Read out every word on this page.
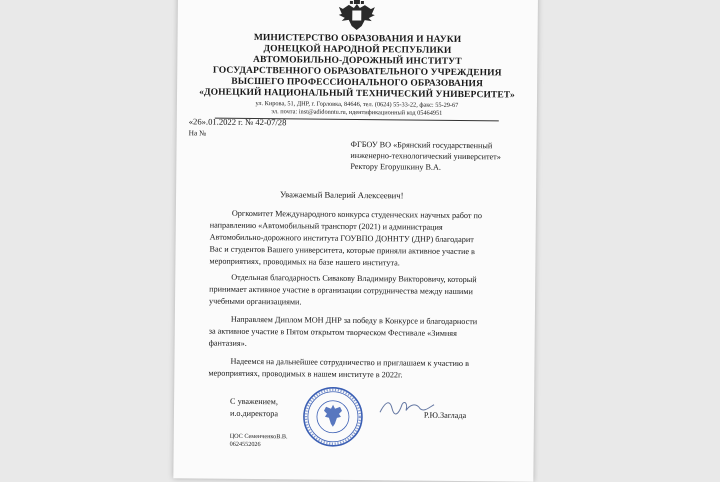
МИНИСТЕРСТВО ОБРАЗОВАНИЯ И НАУКИ
ДОНЕЦКОЙ НАРОДНОЙ РЕСПУБЛИКИ
АВТОМОБИЛЬНО-ДОРОЖНЫЙ ИНСТИТУТ
ГОСУДАРСТВЕННОГО ОБРАЗОВАТЕЛЬНОГО УЧРЕЖДЕНИЯ
ВЫСШЕГО ПРОФЕССИОНАЛЬНОГО ОБРАЗОВАНИЯ
«ДОНЕЦКИЙ НАЦИОНАЛЬНЫЙ ТЕХНИЧЕСКИЙ УНИВЕРСИТЕТ»
ул. Кирова, 51, ДНР, г. Горловка, 84646, тел. (0624) 55-33-22, факс: 55-29-67
эл. почта: inst@adidonntu.ru, идентификационный код 05464951
«26».01.2022 г. № 42-07/28
На №
ФГБОУ ВО «Брянский государственный
инженерно-технологический университет»
Ректору Егорушкину В.А.
Уважаемый Валерий Алексеевич!
Оргкомитет Международного конкурса студенческих научных работ по
направлению «Автомобильный транспорт (2021) и администрация
Автомобильно-дорожного института ГОУВПО ДОННТУ (ДНР) благодарит
Вас и студентов Вашего университета, которые приняли активное участие в
мероприятиях, проводимых на базе нашего института.
Отдельная благодарность Сивакову Владимиру Викторовичу, который
принимает активное участие в организации сотрудничества между нашими
учебными организациями.
Направляем Диплом МОН ДНР за победу в Конкурсе и благодарности
за активное участие в Пятом открытом творческом Фестивале «Зимняя
фантазия».
Надеемся на дальнейшее сотрудничество и приглашаем к участию в
мероприятиях, проводимых в нашем институте в 2022г.
С уважением,
и.о.директора	Р.Ю.Заглада
ЦОС СеменченкоВ.В.
0624552026
